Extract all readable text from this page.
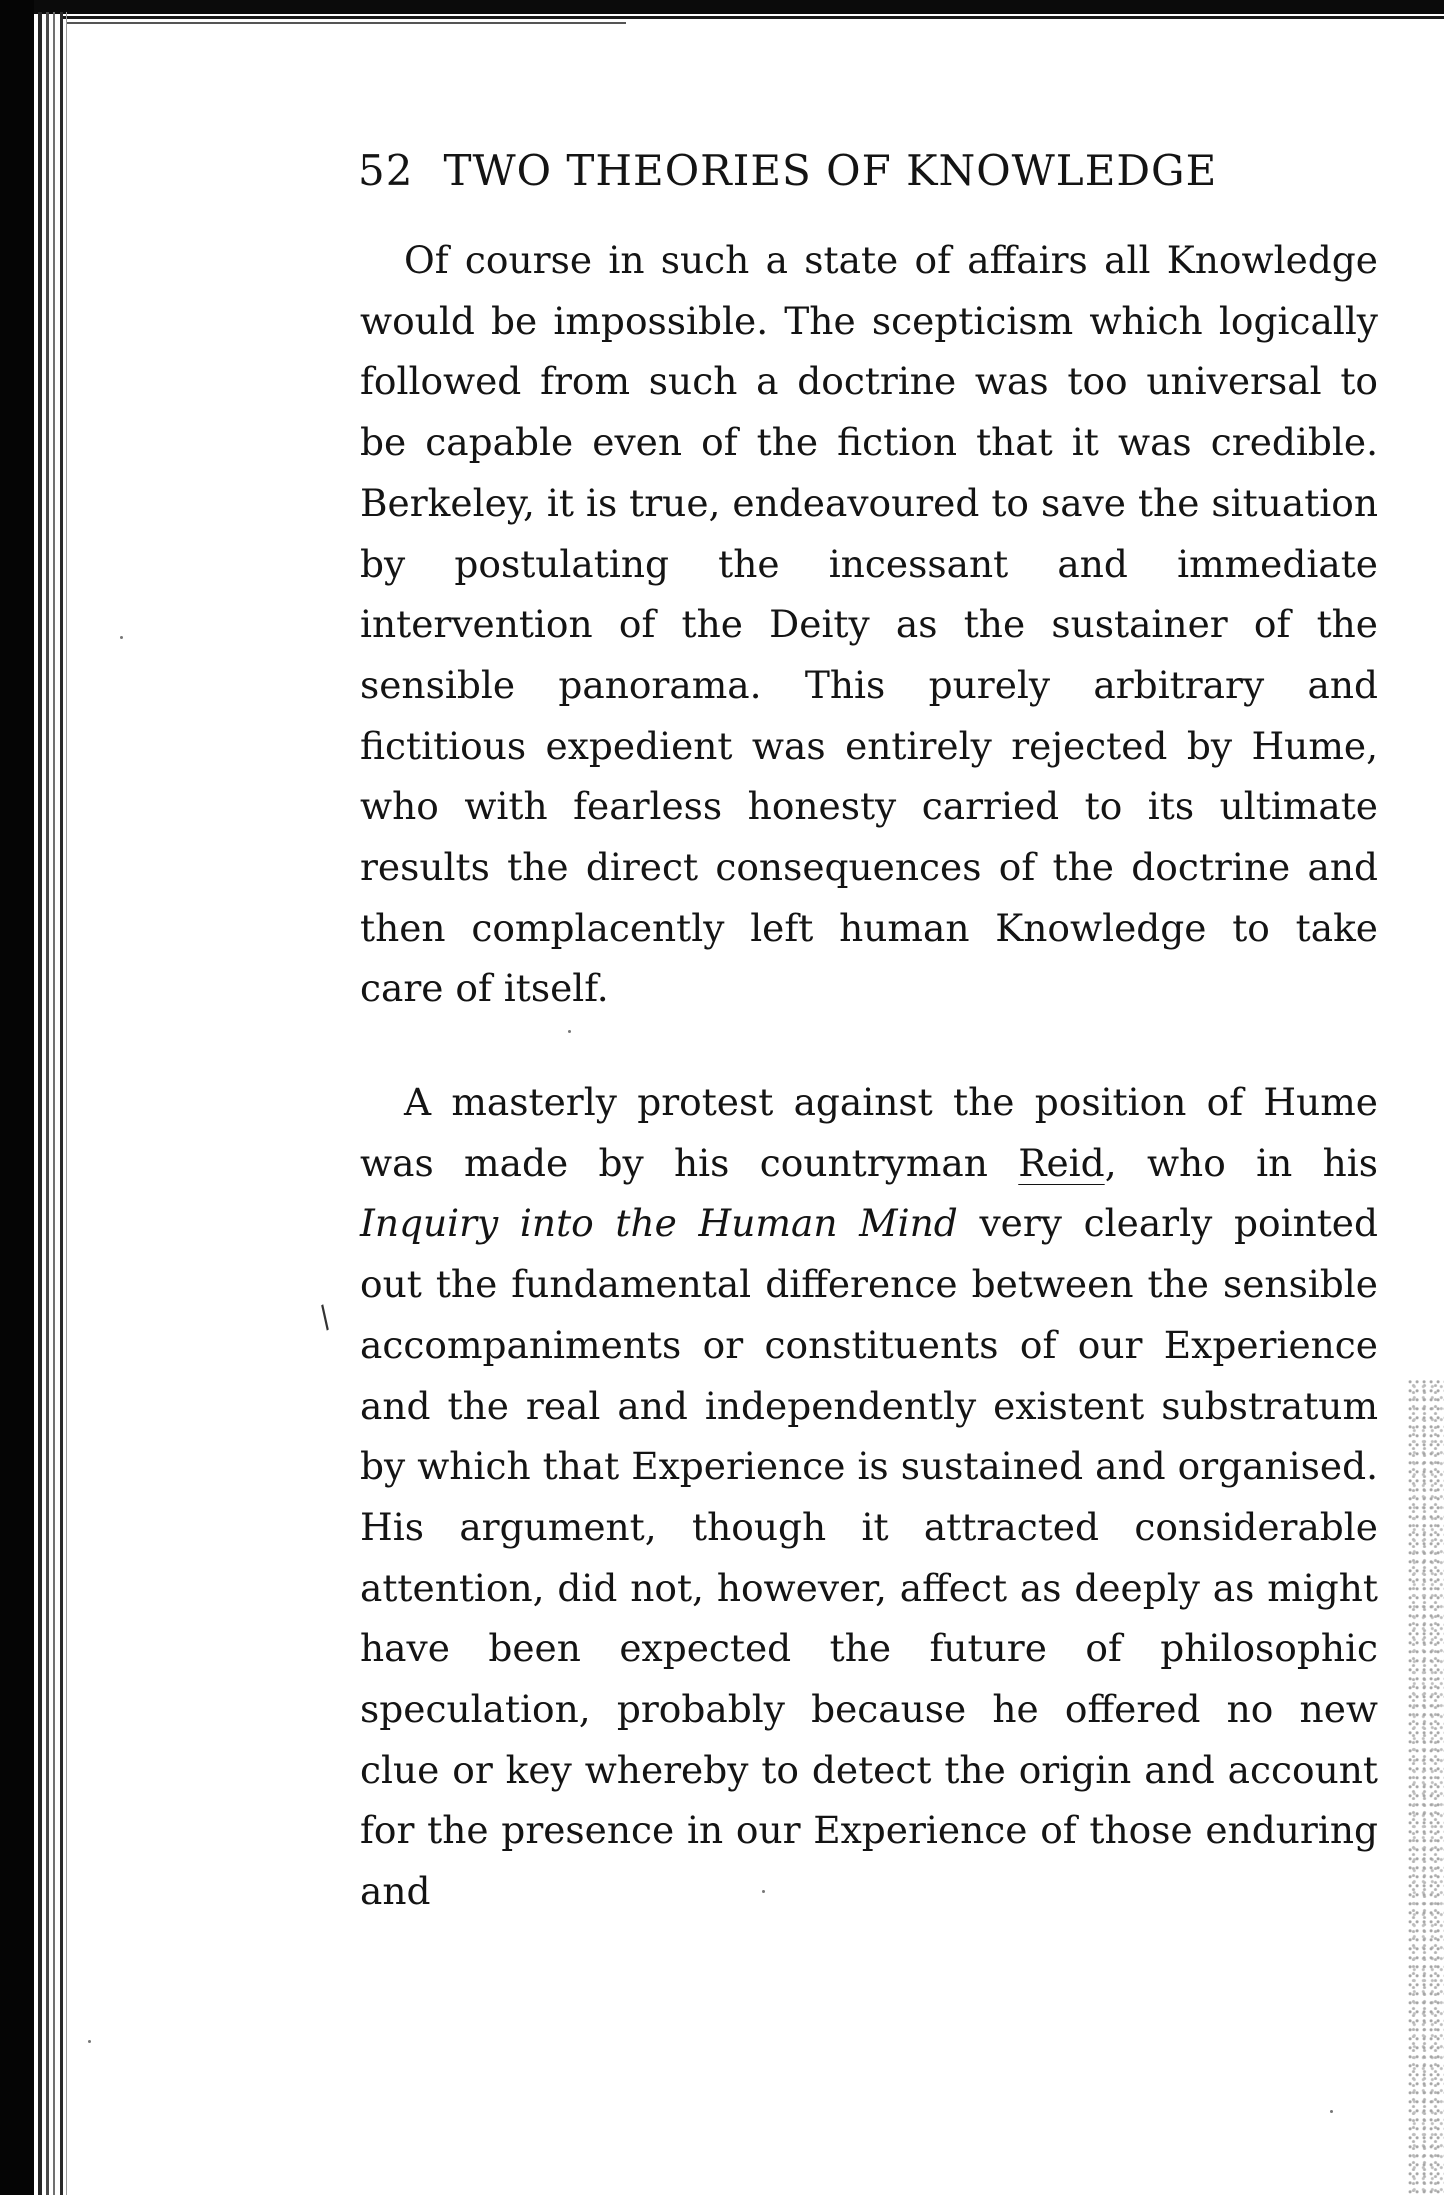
52 TWO THEORIES OF KNOWLEDGE

Of course in such a state of affairs all Knowledge would be impossible. The scepticism which logically followed from such a doctrine was too universal to be capable even of the fiction that it was credible. Berkeley, it is true, endeavoured to save the situation by postulating the incessant and immediate intervention of the Deity as the sustainer of the sensible panorama. This purely arbitrary and fictitious expedient was entirely rejected by Hume, who with fearless honesty carried to its ultimate results the direct consequences of the doctrine and then complacently left human Knowledge to take care of itself.

A masterly protest against the position of Hume was made by his countryman Reid, who in his Inquiry into the Human Mind very clearly pointed out the fundamental difference between the sensible accompaniments or constituents of our Experience and the real and independently existent substratum by which that Experience is sustained and organised. His argument, though it attracted considerable attention, did not, however, affect as deeply as might have been expected the future of philosophic speculation, probably because he offered no new clue or key whereby to detect the origin and account for the presence in our Experience of those enduring and

/
